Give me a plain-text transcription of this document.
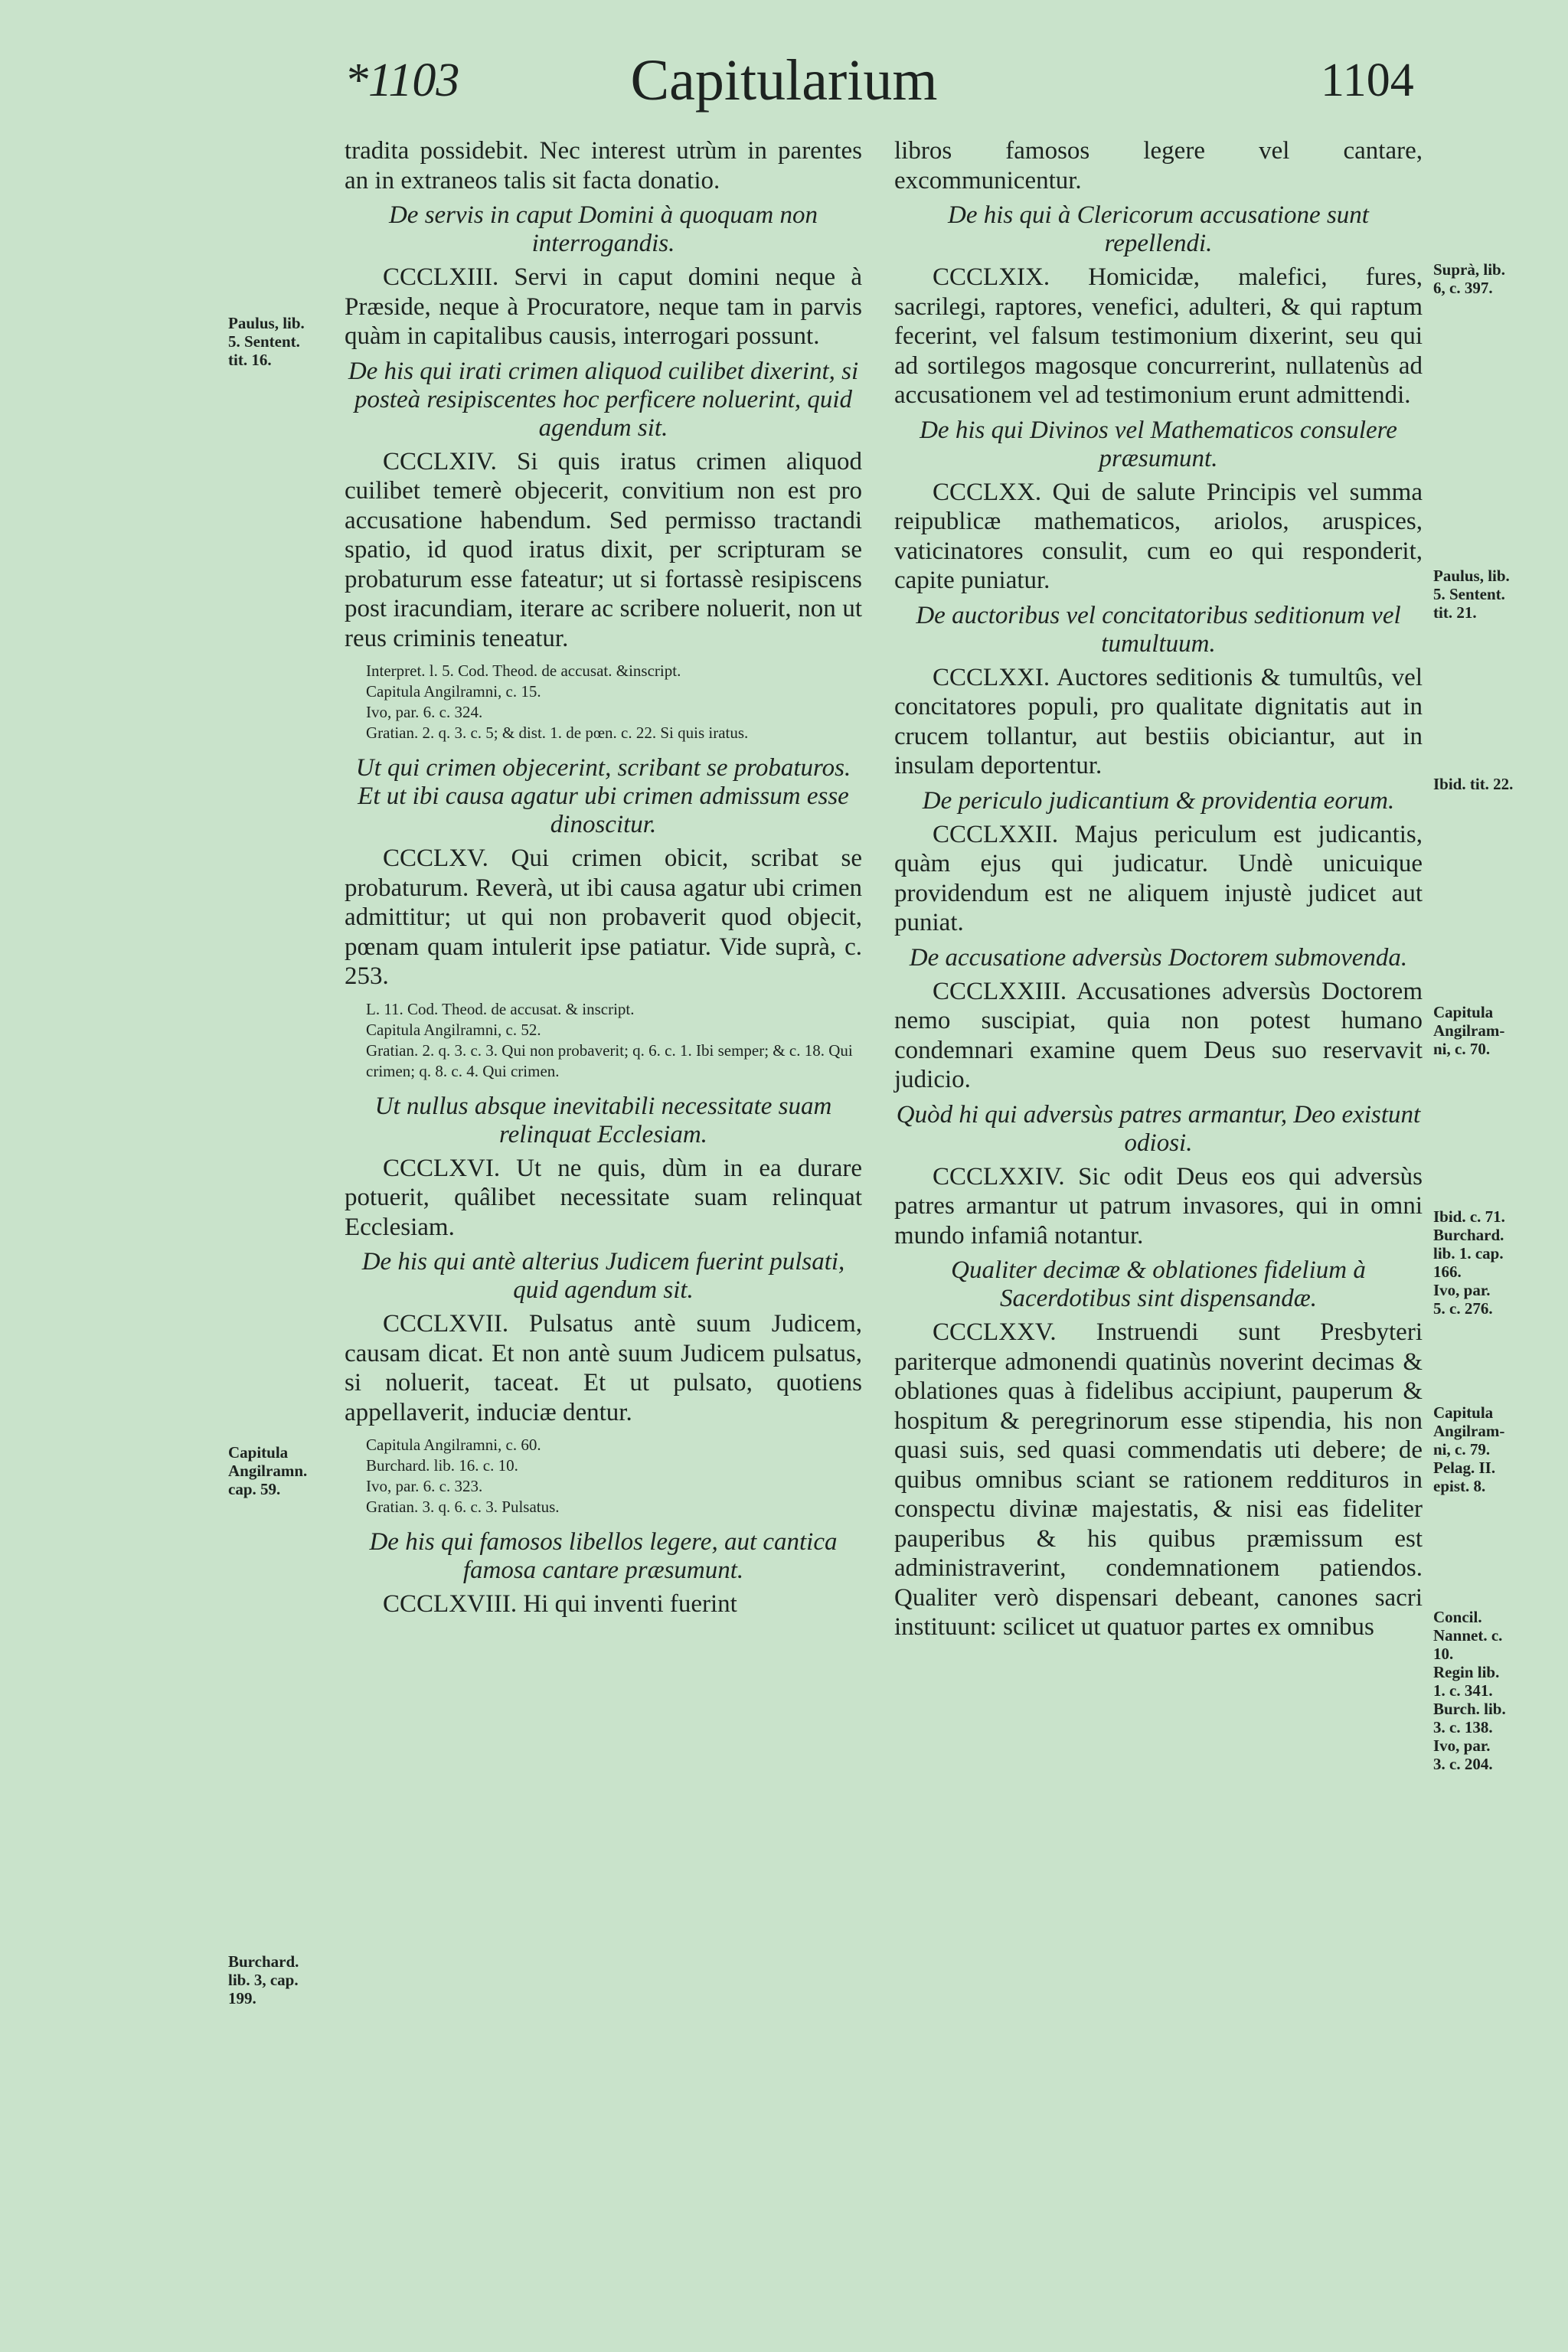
*1103	Capitularium	1104

tradita possidebit. Nec interest utrùm in parentes an in extraneos talis sit facta donatio.

De servis in caput Domini à quoquam non interrogandis.

CCCLXIII. Servi in caput domini neque à Præside, neque à Procuratore, neque tam in parvis quàm in capitalibus causis, interrogari possunt.

De his qui irati crimen aliquod cuilibet dixerint, si posteà resipiscentes hoc perficere noluerint, quid agendum sit.

CCCLXIV. Si quis iratus crimen aliquod cuilibet temerè objecerit, convitium non est pro accusatione habendum. Sed permisso tractandi spatio, id quod iratus dixit, per scripturam se probaturum esse fateatur; ut si fortassè resipiscens post iracundiam, iterare ac scribere noluerit, non ut reus criminis teneatur.

Interpret. l. 5. Cod. Theod. de accusat. &inscript.
Capitula Angilramni, c. 15.
Ivo, par. 6. c. 324.
Gratian. 2. q. 3. c. 5; & dist. 1. de pœn. c. 22. Si quis iratus.
Ut qui crimen objecerint, scribant se probaturos. Et ut ibi causa agatur ubi crimen admissum esse dinoscitur.

CCCLXV. Qui crimen obicit, scribat se probaturum. Reverà, ut ibi causa agatur ubi crimen admittitur; ut qui non probaverit quod objecit, pœnam quam intulerit ipse patiatur. Vide suprà, c. 253.

L. 11. Cod. Theod. de accusat. & inscript.
Capitula Angilramni, c. 52.
Gratian. 2. q. 3. c. 3. Qui non probaverit; q. 6. c. 1. Ibi semper; & c. 18. Qui crimen; q. 8. c. 4. Qui crimen.
Ut nullus absque inevitabili necessitate suam relinquat Ecclesiam.

CCCLXVI. Ut ne quis, dùm in ea durare potuerit, quâlibet necessitate suam relinquat Ecclesiam.

De his qui antè alterius Judicem fuerint pulsati, quid agendum sit.

CCCLXVII. Pulsatus antè suum Judicem, causam dicat. Et non antè suum Judicem pulsatus, si noluerit, taceat. Et ut pulsato, quotiens appellaverit, induciæ dentur.

Capitula Angilramni, c. 60.
Burchard. lib. 16. c. 10.
Ivo, par. 6. c. 323.
Gratian. 3. q. 6. c. 3. Pulsatus.
De his qui famosos libellos legere, aut cantica famosa cantare præsumunt.

CCCLXVIII. Hi qui inventi fuerint

libros famosos legere vel cantare, excommunicentur.

De his qui à Clericorum accusatione sunt repellendi.

CCCLXIX. Homicidæ, malefici, fures, sacrilegi, raptores, venefici, adulteri, & qui raptum fecerint, vel falsum testimonium dixerint, seu qui ad sortilegos magosque concurrerint, nullatenùs ad accusationem vel ad testimonium erunt admittendi.

De his qui Divinos vel Mathematicos consulere præsumunt.

CCCLXX. Qui de salute Principis vel summa reipublicæ mathematicos, ariolos, aruspices, vaticinatores consulit, cum eo qui responderit, capite puniatur.

De auctoribus vel concitatoribus seditionum vel tumultuum.

CCCLXXI. Auctores seditionis & tumultûs, vel concitatores populi, pro qualitate dignitatis aut in crucem tollantur, aut bestiis obiciantur, aut in insulam deportentur.

De periculo judicantium & providentia eorum.

CCCLXXII. Majus periculum est judicantis, quàm ejus qui judicatur. Undè unicuique providendum est ne aliquem injustè judicet aut puniat.

De accusatione adversùs Doctorem submovenda.

CCCLXXIII. Accusationes adversùs Doctorem nemo suscipiat, quia non potest humano condemnari examine quem Deus suo reservavit judicio.

Quòd hi qui adversùs patres armantur, Deo existunt odiosi.

CCCLXXIV. Sic odit Deus eos qui adversùs patres armantur ut patrum invasores, qui in omni mundo infamiâ notantur.

Qualiter decimæ & oblationes fidelium à Sacerdotibus sint dispensandæ.

CCCLXXV. Instruendi sunt Presbyteri pariterque admonendi quatinùs noverint decimas & oblationes quas à fidelibus accipiunt, pauperum & hospitum & peregrinorum esse stipendia, his non quasi suis, sed quasi commendatis uti debere; de quibus omnibus sciant se rationem reddituros in conspectu divinæ majestatis, & nisi eas fideliter pauperibus & his quibus præmissum est administraverint, condemnationem patiendos. Qualiter verò dispensari debeant, canones sacri instituunt: scilicet ut quatuor partes ex omnibus

Paulus, lib.
5. Sentent.
tit. 16.
Capitula
Angilramn.
cap. 59.
Burchard.
lib. 3, cap.
199.
Suprà, lib.
6, c. 397.
Paulus, lib.
5. Sentent.
tit. 21.
Ibid. tit. 22.
Capitula
Angilram-
ni, c. 70.
Ibid. c. 71.
Burchard.
lib. 1. cap.
166.
Ivo, par.
5. c. 276.
Capitula
Angilram-
ni, c. 79.
Pelag. II.
epist. 8.
Concil.
Nannet. c.
10.
Regin lib.
1. c. 341.
Burch. lib.
3. c. 138.
Ivo, par.
3. c. 204.
